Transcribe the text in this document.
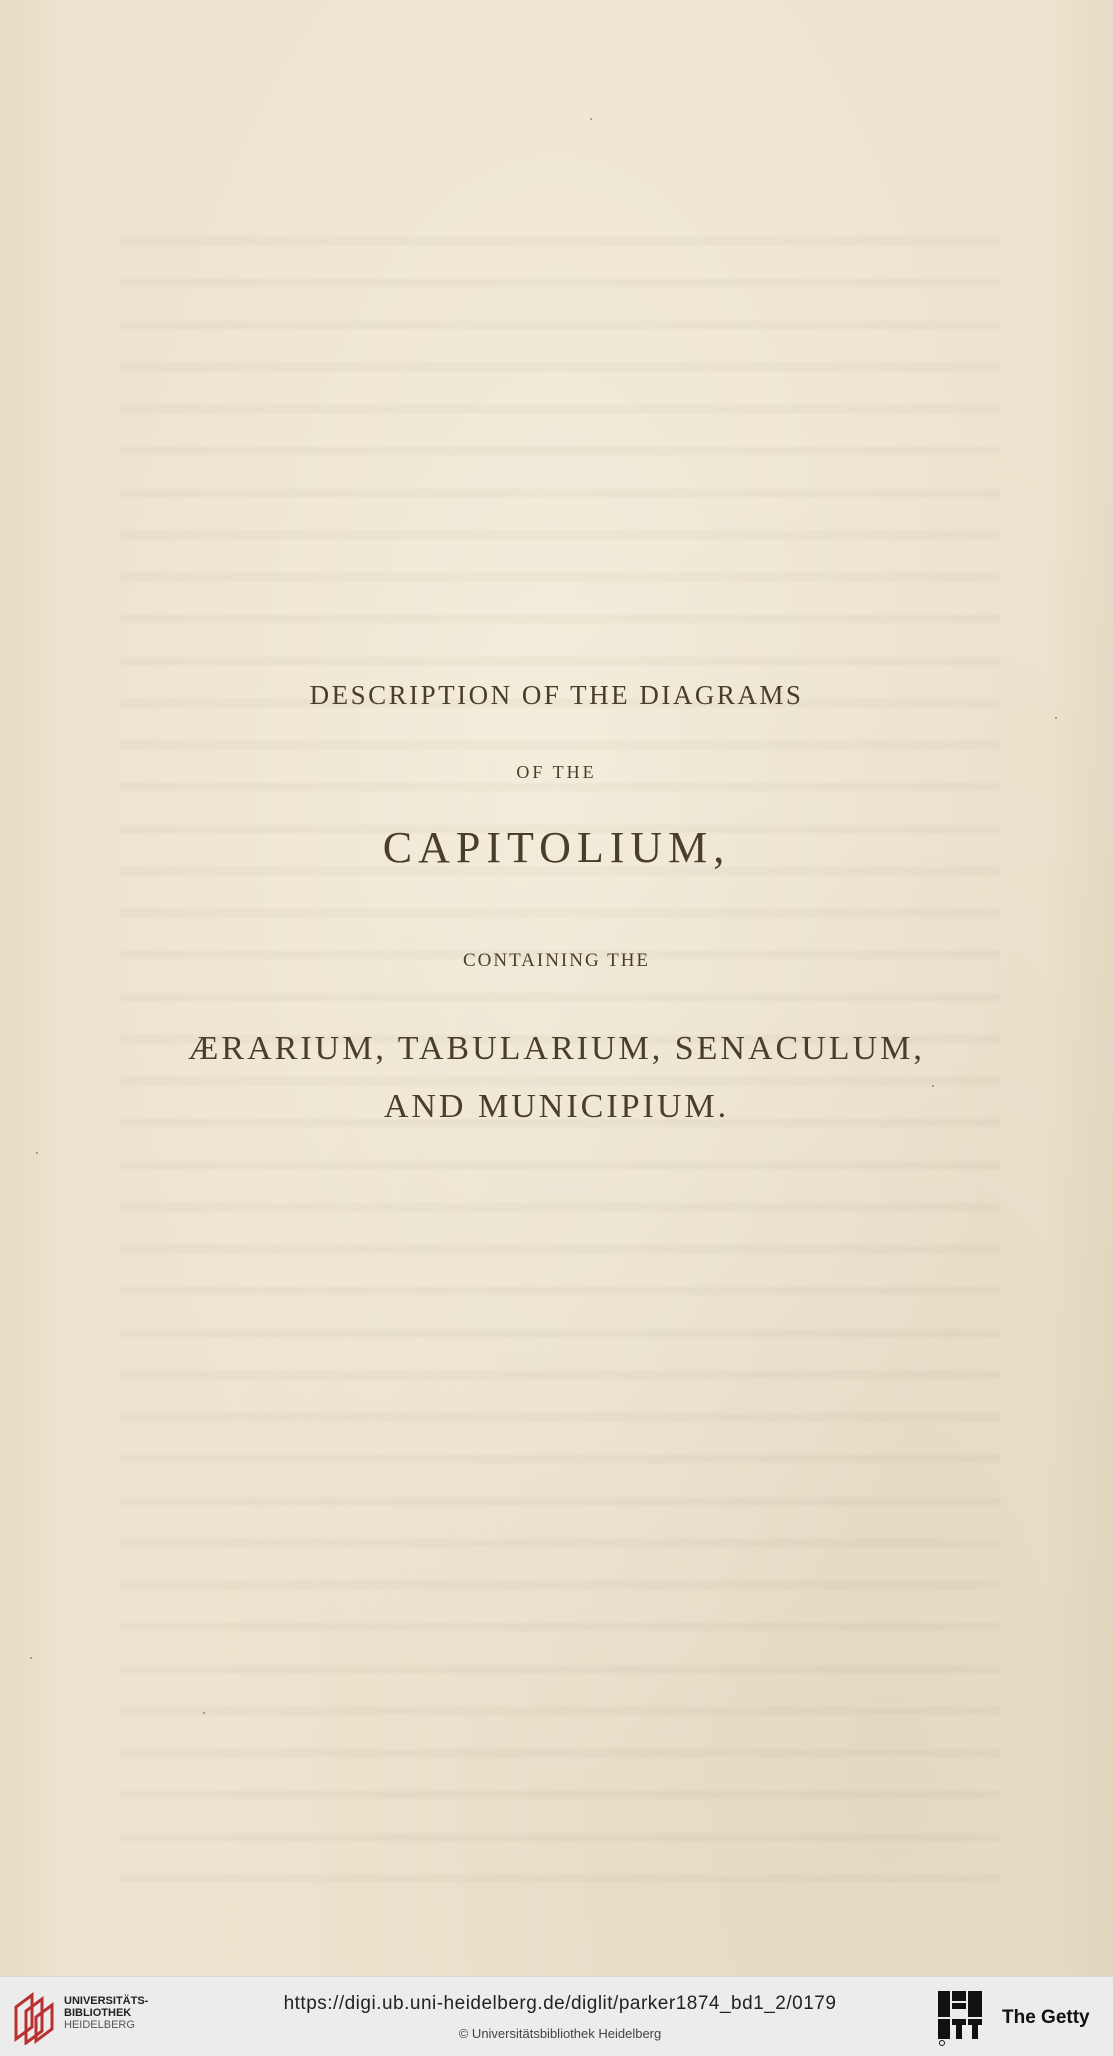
DESCRIPTION OF THE DIAGRAMS
OF THE
CAPITOLIUM,
CONTAINING THE
ÆRARIUM, TABULARIUM, SENACULUM,
AND MUNICIPIUM.
UNIVERSITÄTS-
BIBLIOTHEK
HEIDELBERG
https://digi.ub.uni-heidelberg.de/diglit/parker1874_bd1_2/0179
© Universitätsbibliothek Heidelberg
The Getty
